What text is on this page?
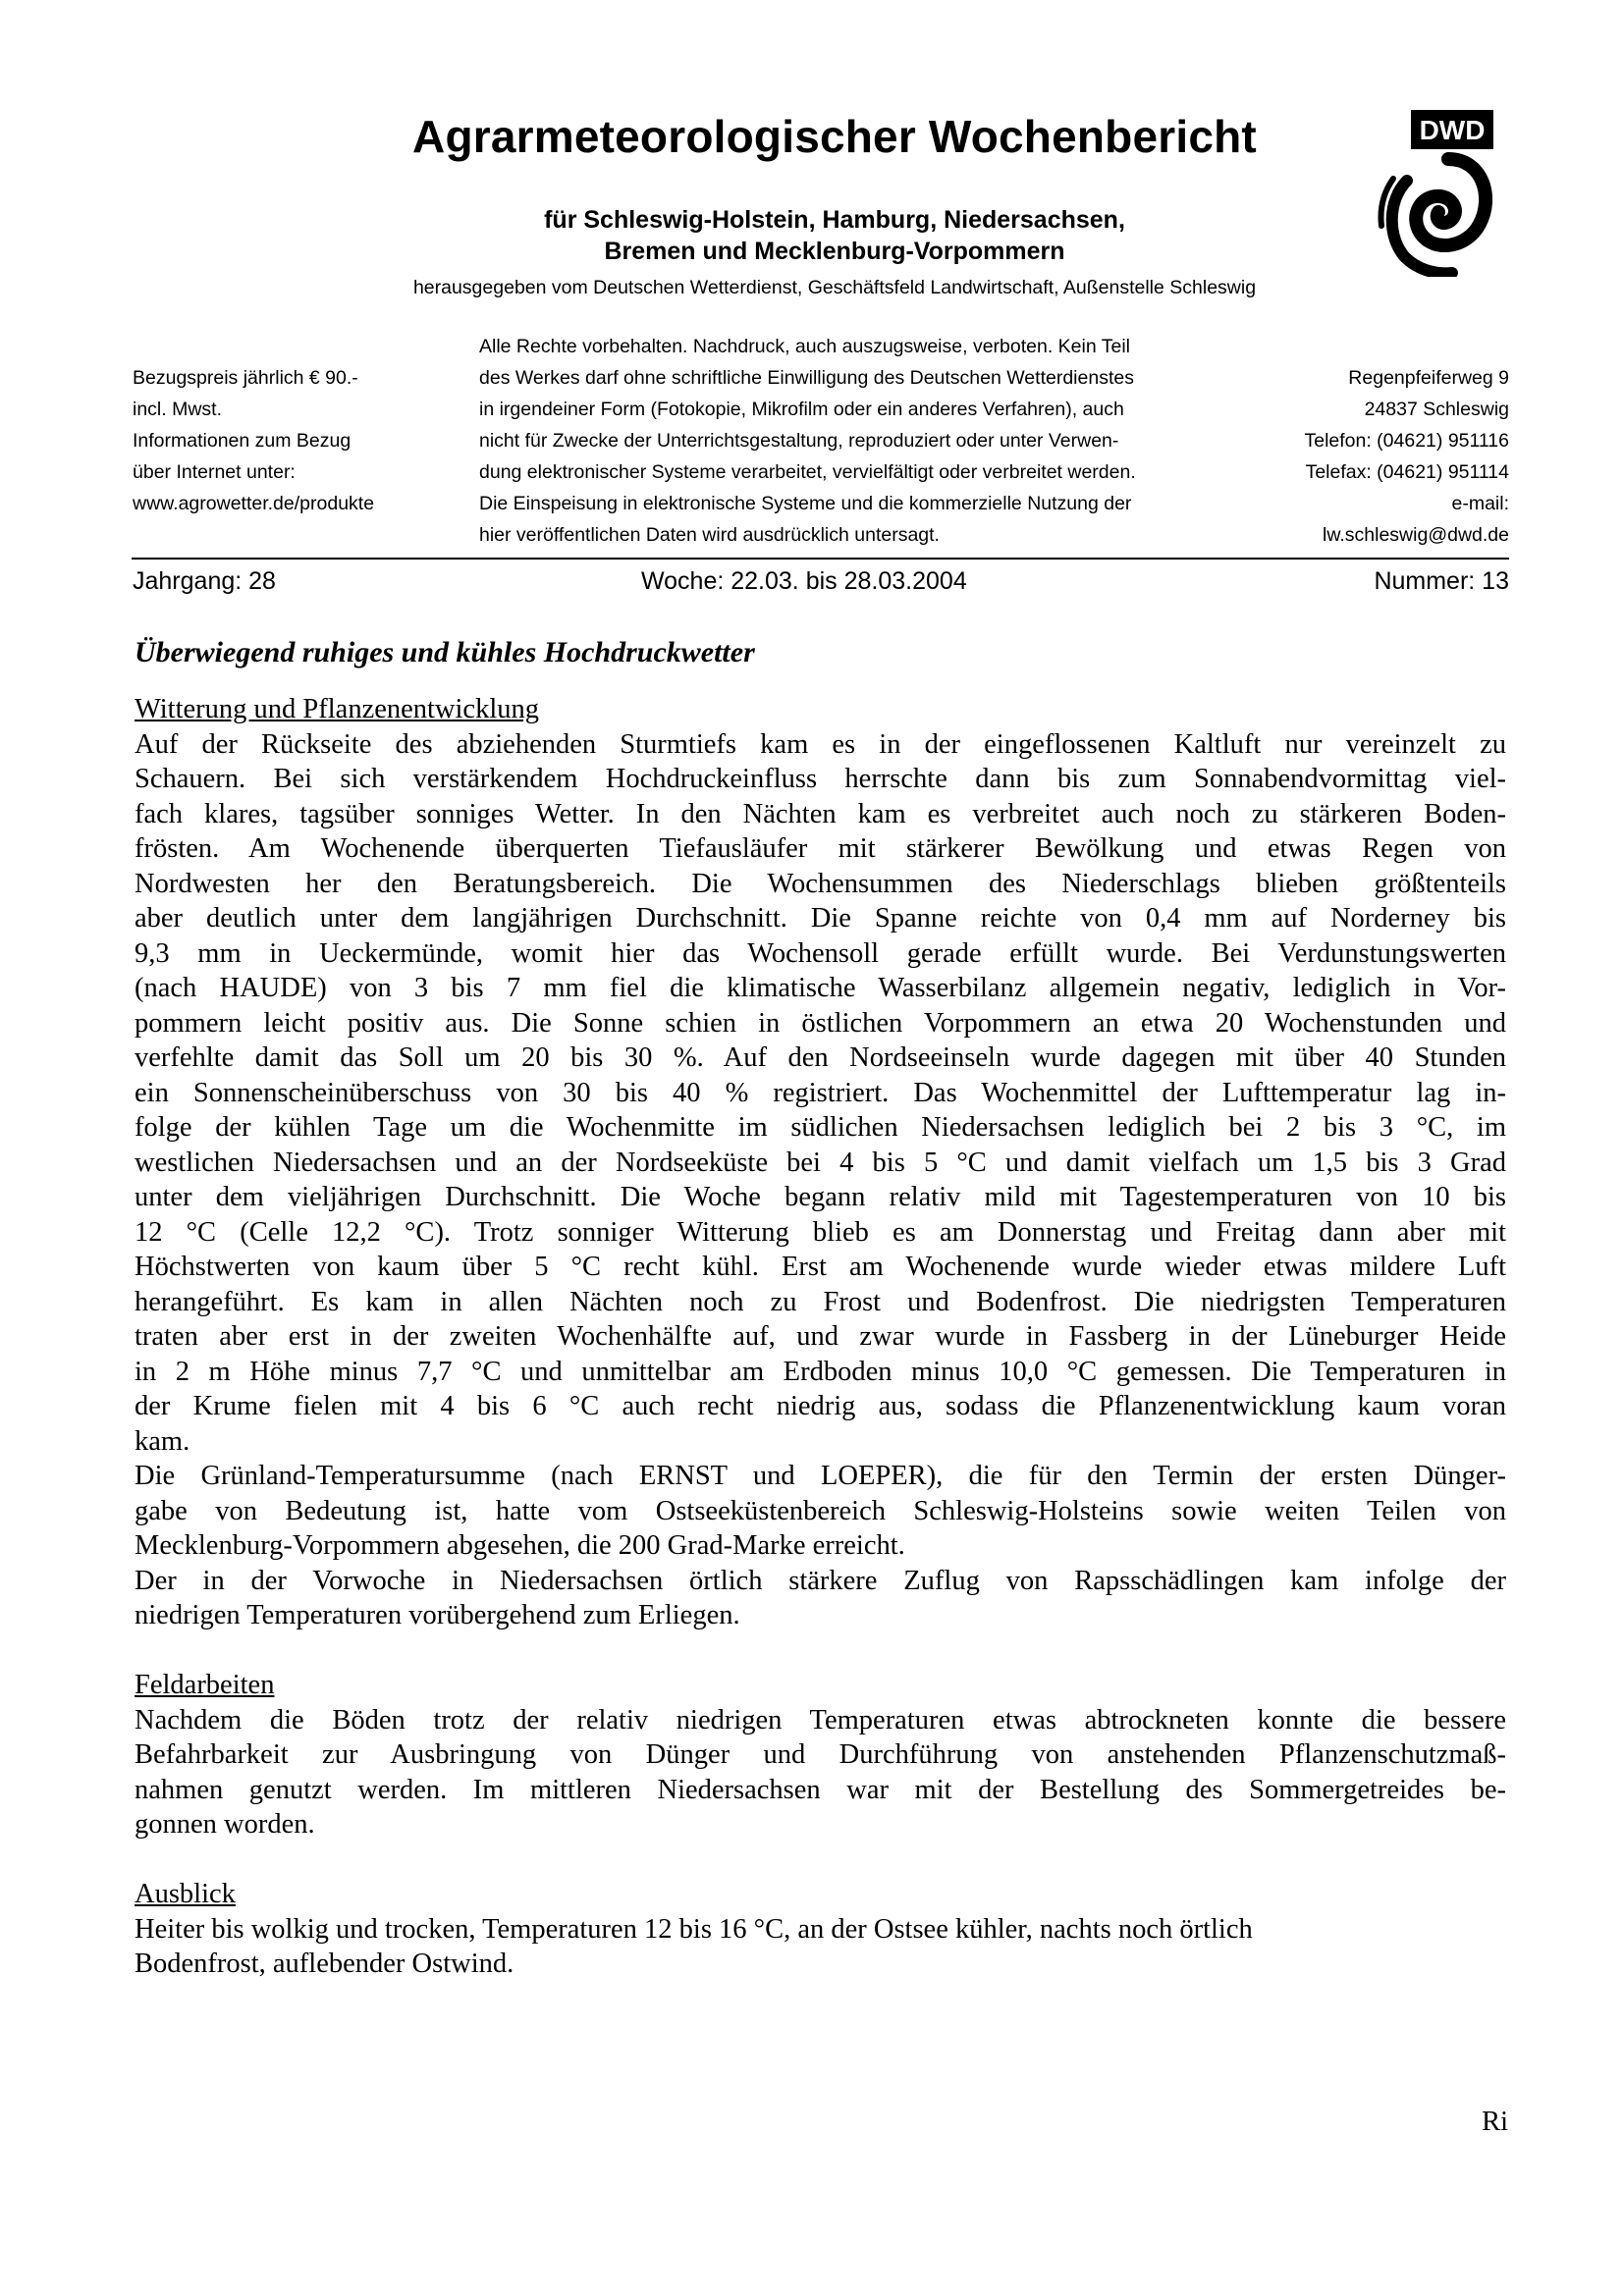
Agrarmeteorologischer Wochenbericht
für Schleswig-Holstein, Hamburg, Niedersachsen,
Bremen und Mecklenburg-Vorpommern
herausgegeben vom Deutschen Wetterdienst, Geschäftsfeld Landwirtschaft, Außenstelle Schleswig
DWD
Bezugspreis jährlich € 90.-
incl. Mwst.
Informationen zum Bezug
über Internet unter:
www.agrowetter.de/produkte
Alle Rechte vorbehalten. Nachdruck, auch auszugsweise, verboten. Kein Teil
des Werkes darf ohne schriftliche Einwilligung des Deutschen Wetterdienstes
in irgendeiner Form (Fotokopie, Mikrofilm oder ein anderes Verfahren), auch
nicht für Zwecke der Unterrichtsgestaltung, reproduziert oder unter Verwen-
dung elektronischer Systeme verarbeitet, vervielfältigt oder verbreitet werden.
Die Einspeisung in elektronische Systeme und die kommerzielle Nutzung der
hier veröffentlichen Daten wird ausdrücklich untersagt.
Regenpfeiferweg 9
24837 Schleswig
Telefon: (04621) 951116
Telefax: (04621) 951114
e-mail:
lw.schleswig@dwd.de
Jahrgang: 28	Woche: 22.03. bis 28.03.2004	Nummer: 13
Überwiegend ruhiges und kühles Hochdruckwetter
Witterung und Pflanzenentwicklung
Auf der Rückseite des abziehenden Sturmtiefs kam es in der eingeflossenen Kaltluft nur vereinzelt zu
Schauern. Bei sich verstärkendem Hochdruckeinfluss herrschte dann bis zum Sonnabendvormittag viel-
fach klares, tagsüber sonniges Wetter. In den Nächten kam es verbreitet auch noch zu stärkeren Boden-
frösten. Am Wochenende überquerten Tiefausläufer mit stärkerer Bewölkung und etwas Regen von
Nordwesten her den Beratungsbereich. Die Wochensummen des Niederschlags blieben größtenteils
aber deutlich unter dem langjährigen Durchschnitt. Die Spanne reichte von 0,4 mm auf Norderney bis
9,3 mm in Ueckermünde, womit hier das Wochensoll gerade erfüllt wurde. Bei Verdunstungswerten
(nach HAUDE) von 3 bis 7 mm fiel die klimatische Wasserbilanz allgemein negativ, lediglich in Vor-
pommern leicht positiv aus. Die Sonne schien in östlichen Vorpommern an etwa 20 Wochenstunden und
verfehlte damit das Soll um 20 bis 30 %. Auf den Nordseeinseln wurde dagegen mit über 40 Stunden
ein Sonnenscheinüberschuss von 30 bis 40 % registriert. Das Wochenmittel der Lufttemperatur lag in-
folge der kühlen Tage um die Wochenmitte im südlichen Niedersachsen lediglich bei 2 bis 3 °C, im
westlichen Niedersachsen und an der Nordseeküste bei 4 bis 5 °C und damit vielfach um 1,5 bis 3 Grad
unter dem vieljährigen Durchschnitt. Die Woche begann relativ mild mit Tagestemperaturen von 10 bis
12 °C (Celle 12,2 °C). Trotz sonniger Witterung blieb es am Donnerstag und Freitag dann aber mit
Höchstwerten von kaum über 5 °C recht kühl. Erst am Wochenende wurde wieder etwas mildere Luft
herangeführt. Es kam in allen Nächten noch zu Frost und Bodenfrost. Die niedrigsten Temperaturen
traten aber erst in der zweiten Wochenhälfte auf, und zwar wurde in Fassberg in der Lüneburger Heide
in 2 m Höhe minus 7,7 °C und unmittelbar am Erdboden minus 10,0 °C gemessen. Die Temperaturen in
der Krume fielen mit 4 bis 6 °C auch recht niedrig aus, sodass die Pflanzenentwicklung kaum voran
kam.
Die Grünland-Temperatursumme (nach ERNST und LOEPER), die für den Termin der ersten Dünger-
gabe von Bedeutung ist, hatte vom Ostseeküstenbereich Schleswig-Holsteins sowie weiten Teilen von
Mecklenburg-Vorpommern abgesehen, die 200 Grad-Marke erreicht.
Der in der Vorwoche in Niedersachsen örtlich stärkere Zuflug von Rapsschädlingen kam infolge der
niedrigen Temperaturen vorübergehend zum Erliegen.
Feldarbeiten
Nachdem die Böden trotz der relativ niedrigen Temperaturen etwas abtrockneten konnte die bessere
Befahrbarkeit zur Ausbringung von Dünger und Durchführung von anstehenden Pflanzenschutzmaß-
nahmen genutzt werden. Im mittleren Niedersachsen war mit der Bestellung des Sommergetreides be-
gonnen worden.
Ausblick
Heiter bis wolkig und trocken, Temperaturen 12 bis 16 °C, an der Ostsee kühler, nachts noch örtlich
Bodenfrost, auflebender Ostwind.
Ri
